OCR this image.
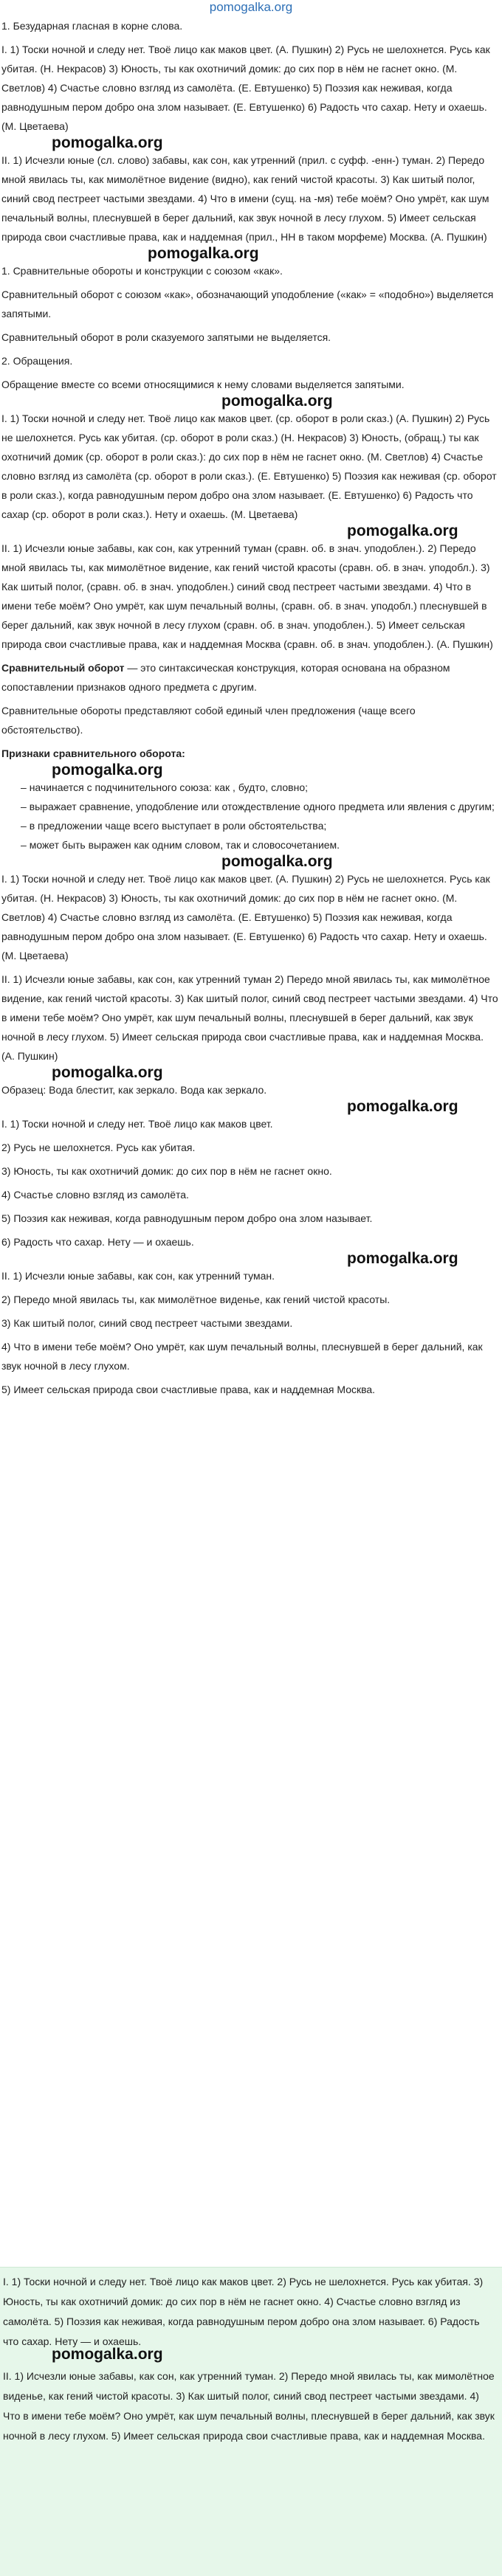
pomogalka.org

1. Безударная гласная в корне слова.

I. 1) Тоски ночной и следу нет. Твоё лицо как маков цвет. (А. Пушкин) 2) Русь не шелохнется. Русь как убитая. (Н. Некрасов) 3) Юность, ты как охотничий домик: до сих пор в нём не гаснет окно. (М. Светлов) 4) Счастье словно взгляд из самолёта. (Е. Евтушенко) 5) Поэзия как неживая, когда равнодушным пером добро она злом называет. (Е. Евтушенко) 6) Радость что сахар. Нету и охаешь. (М. Цветаева)

pomogalka.org

II. 1) Исчезли юные (сл. слово) забавы, как сон, как утренний (прил. с суфф. -енн-) туман. 2) Передо мной явилась ты, как мимолётное видение (видно), как гений чистой красоты. 3) Как шитый полог, синий свод пестреет частыми звездами. 4) Что в имени (сущ. на -мя) тебе моём? Оно умрёт, как шум печальный волны, плеснувшей в берег дальний, как звук ночной в лесу глухом. 5) Имеет сельская природа свои счастливые права, как и наддемная (прил., НН в таком морфеме) Москва. (А. Пушкин)

pomogalka.org

1. Сравнительные обороты и конструкции с союзом «как».

Сравнительный оборот с союзом «как», обозначающий уподобление («как» = «подобно») выделяется запятыми.

Сравнительный оборот в роли сказуемого запятыми не выделяется.

2. Обращения.

Обращение вместе со всеми относящимися к нему словами выделяется запятыми.

pomogalka.org

I. 1) Тоски ночной и следу нет. Твоё лицо как маков цвет. (ср. оборот в роли сказ.) (А. Пушкин) 2) Русь не шелохнется. Русь как убитая. (ср. оборот в роли сказ.) (Н. Некрасов) 3) Юность, (обращ.) ты как охотничий домик (ср. оборот в роли сказ.): до сих пор в нём не гаснет окно. (М. Светлов) 4) Счастье словно взгляд из самолёта (ср. оборот в роли сказ.). (Е. Евтушенко) 5) Поэзия как неживая (ср. оборот в роли сказ.), когда равнодушным пером добро она злом называет. (Е. Евтушенко) 6) Радость что сахар (ср. оборот в роли сказ.). Нету и охаешь. (М. Цветаева)

pomogalka.org

II. 1) Исчезли юные забавы, как сон, как утренний туман (сравн. об. в знач. уподоблен.). 2) Передо мной явилась ты, как мимолётное видение, как гений чистой красоты (сравн. об. в знач. уподобл.). 3) Как шитый полог, (сравн. об. в знач. уподоблен.) синий свод пестреет частыми звездами. 4) Что в имени тебе моём? Оно умрёт, как шум печальный волны, (сравн. об. в знач. уподобл.) плеснувшей в берег дальний, как звук ночной в лесу глухом (сравн. об. в знач. уподоблен.). 5) Имеет сельская природа свои счастливые права, как и наддемная Москва (сравн. об. в знач. уподоблен.). (А. Пушкин)

Сравнительный оборот — это синтаксическая конструкция, которая основана на образном сопоставлении признаков одного предмета с другим.

Сравнительные обороты представляют собой единый член предложения (чаще всего обстоятельство).

Признаки сравнительного оборота:

pomogalka.org
– начинается с подчинительного союза: как , будто, словно;
– выражает сравнение, уподобление или отождествление одного предмета или явления с другим;
– в предложении чаще всего выступает в роли обстоятельства;
– может быть выражен как одним словом, так и словосочетанием.
pomogalka.org

I. 1) Тоски ночной и следу нет. Твоё лицо как маков цвет. (А. Пушкин) 2) Русь не шелохнется. Русь как убитая. (Н. Некрасов) 3) Юность, ты как охотничий домик: до сих пор в нём не гаснет окно. (М. Светлов) 4) Счастье словно взгляд из самолёта. (Е. Евтушенко) 5) Поэзия как неживая, когда равнодушным пером добро она злом называет. (Е. Евтушенко) 6) Радость что сахар. Нету и охаешь. (М. Цветаева)

II. 1) Исчезли юные забавы, как сон, как утренний туман 2) Передо мной явилась ты, как мимолётное видение, как гений чистой красоты. 3) Как шитый полог, синий свод пестреет частыми звездами. 4) Что в имени тебе моём? Оно умрёт, как шум печальный волны, плеснувшей в берег дальний, как звук ночной в лесу глухом. 5) Имеет сельская природа свои счастливые права, как и наддемная Москва. (А. Пушкин)

pomogalka.org

Образец: Вода блестит, как зеркало. Вода как зеркало.

pomogalka.org

I. 1) Тоски ночной и следу нет. Твоё лицо как маков цвет.

2) Русь не шелохнется. Русь как убитая.

3) Юность, ты как охотничий домик: до сих пор в нём не гаснет окно.

4) Счастье словно взгляд из самолёта.

5) Поэзия как неживая, когда равнодушным пером добро она злом называет.

6) Радость что сахар. Нету — и охаешь.

pomogalka.org

II. 1) Исчезли юные забавы, как сон, как утренний туман.

2) Передо мной явилась ты, как мимолётное виденье, как гений чистой красоты.

3) Как шитый полог, синий свод пестреет частыми звездами.

4) Что в имени тебе моём? Оно умрёт, как шум печальный волны, плеснувшей в берег дальний, как звук ночной в лесу глухом.

5) Имеет сельская природа свои счастливые права, как и наддемная Москва.

I. 1) Тоски ночной и следу нет. Твоё лицо как маков цвет. 2) Русь не шелохнется. Русь как убитая. 3) Юность, ты как охотничий домик: до сих пор в нём не гаснет окно. 4) Счастье словно взгляд из самолёта. 5) Поэзия как неживая, когда равнодушным пером добро она злом называет. 6) Радость что сахар. Нету — и охаешь.

pomogalka.org

II. 1) Исчезли юные забавы, как сон, как утренний туман. 2) Передо мной явилась ты, как мимолётное виденье, как гений чистой красоты. 3) Как шитый полог, синий свод пестреет частыми звездами. 4) Что в имени тебе моём? Оно умрёт, как шум печальный волны, плеснувшей в берег дальний, как звук ночной в лесу глухом. 5) Имеет сельская природа свои счастливые права, как и наддемная Москва.
